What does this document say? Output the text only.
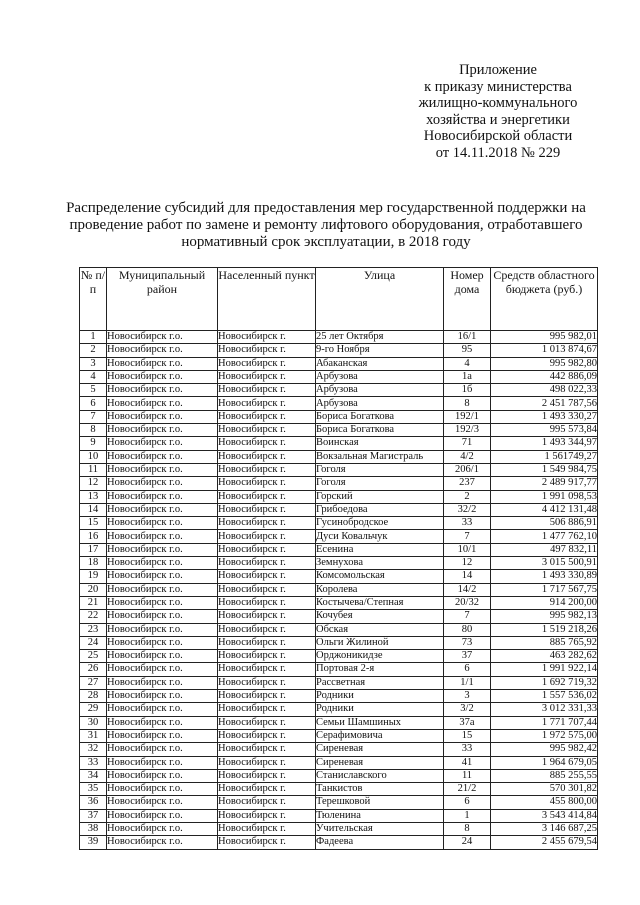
Приложение
к приказу министерства
жилищно-коммунального
хозяйства и энергетики
Новосибирской области
от 14.11.2018 № 229
Распределение субсидий для предоставления мер государственной поддержки на
проведение работ по замене и ремонту лифтового оборудования, отработавшего
нормативный срок эксплуатации, в 2018 году
№ п/п	Муниципальный район	Населенный пункт	Улица	Номер дома	Средств областного бюджета (руб.)
1	Новосибирск г.о.	Новосибирск г.	25 лет Октября	16/1	995 982,01
2	Новосибирск г.о.	Новосибирск г.	9-го Ноября	95	1 013 874,67
3	Новосибирск г.о.	Новосибирск г.	Абаканская	4	995 982,80
4	Новосибирск г.о.	Новосибирск г.	Арбузова	1а	442 886,09
5	Новосибирск г.о.	Новосибирск г.	Арбузова	1б	498 022,33
6	Новосибирск г.о.	Новосибирск г.	Арбузова	8	2 451 787,56
7	Новосибирск г.о.	Новосибирск г.	Бориса Богаткова	192/1	1 493 330,27
8	Новосибирск г.о.	Новосибирск г.	Бориса Богаткова	192/3	995 573,84
9	Новосибирск г.о.	Новосибирск г.	Воинская	71	1 493 344,97
10	Новосибирск г.о.	Новосибирск г.	Вокзальная Магистраль	4/2	1 561749,27
11	Новосибирск г.о.	Новосибирск г.	Гоголя	206/1	1 549 984,75
12	Новосибирск г.о.	Новосибирск г.	Гоголя	237	2 489 917,77
13	Новосибирск г.о.	Новосибирск г.	Горский	2	1 991 098,53
14	Новосибирск г.о.	Новосибирск г.	Грибоедова	32/2	4 412 131,48
15	Новосибирск г.о.	Новосибирск г.	Гусинобродское	33	506 886,91
16	Новосибирск г.о.	Новосибирск г.	Дуси Ковальчук	7	1 477 762,10
17	Новосибирск г.о.	Новосибирск г.	Есенина	10/1	497 832,11
18	Новосибирск г.о.	Новосибирск г.	Земнухова	12	3 015 500,91
19	Новосибирск г.о.	Новосибирск г.	Комсомольская	14	1 493 330,89
20	Новосибирск г.о.	Новосибирск г.	Королева	14/2	1 717 567,75
21	Новосибирск г.о.	Новосибирск г.	Костычева/Степная	20/32	914 200,00
22	Новосибирск г.о.	Новосибирск г.	Кочубея	7	995 982,13
23	Новосибирск г.о.	Новосибирск г.	Обская	80	1 519 218,26
24	Новосибирск г.о.	Новосибирск г.	Ольги Жилиной	73	885 765,92
25	Новосибирск г.о.	Новосибирск г.	Орджоникидзе	37	463 282,62
26	Новосибирск г.о.	Новосибирск г.	Портовая 2-я	6	1 991 922,14
27	Новосибирск г.о.	Новосибирск г.	Рассветная	1/1	1 692 719,32
28	Новосибирск г.о.	Новосибирск г.	Родники	3	1 557 536,02
29	Новосибирск г.о.	Новосибирск г.	Родники	3/2	3 012 331,33
30	Новосибирск г.о.	Новосибирск г.	Семьи Шамшиных	37а	1 771 707,44
31	Новосибирск г.о.	Новосибирск г.	Серафимовича	15	1 972 575,00
32	Новосибирск г.о.	Новосибирск г.	Сиреневая	33	995 982,42
33	Новосибирск г.о.	Новосибирск г.	Сиреневая	41	1 964 679,05
34	Новосибирск г.о.	Новосибирск г.	Станиславского	11	885 255,55
35	Новосибирск г.о.	Новосибирск г.	Танкистов	21/2	570 301,82
36	Новосибирск г.о.	Новосибирск г.	Терешковой	6	455 800,00
37	Новосибирск г.о.	Новосибирск г.	Тюленина	1	3 543 414,84
38	Новосибирск г.о.	Новосибирск г.	Учительская	8	3 146 687,25
39	Новосибирск г.о.	Новосибирск г.	Фадеева	24	2 455 679,54
